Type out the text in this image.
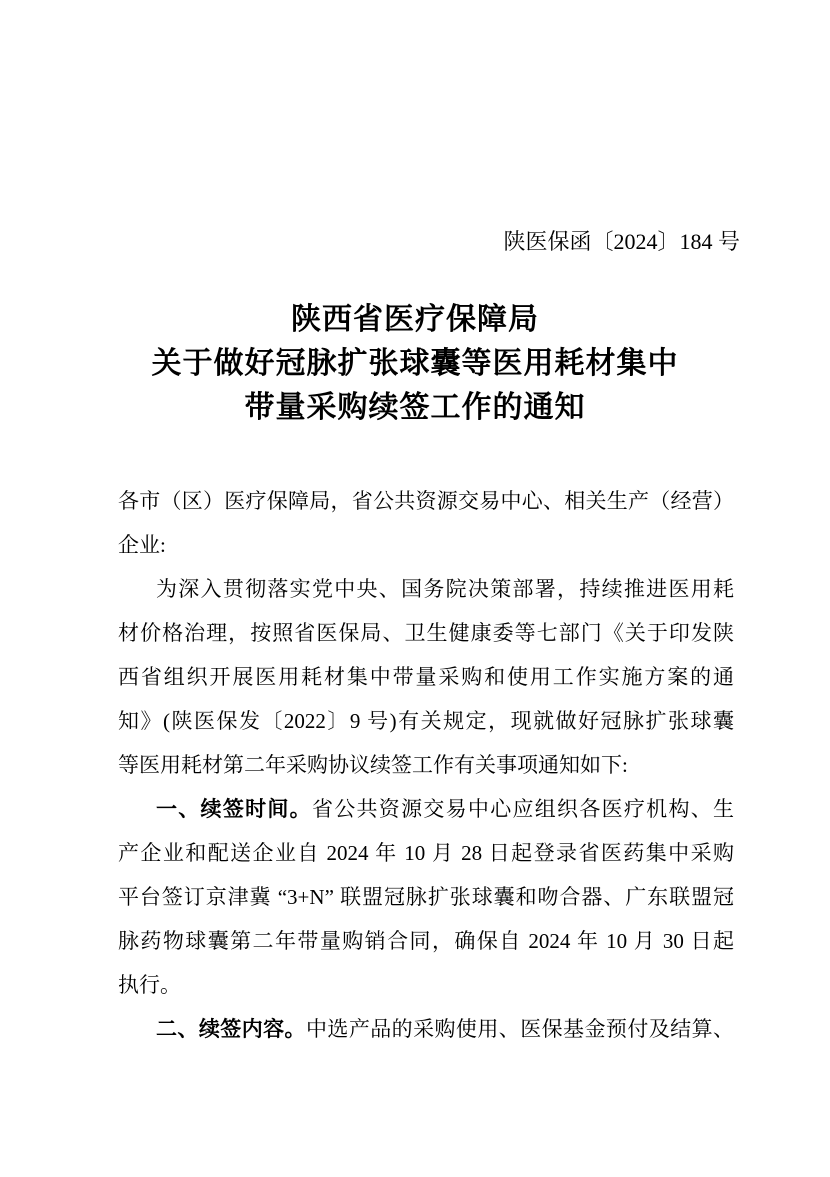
陕医保函〔2024〕184 号
陕西省医疗保障局
关于做好冠脉扩张球囊等医用耗材集中
带量采购续签工作的通知
各市（区）医疗保障局，省公共资源交易中心、相关生产（经营）
企业:
为深入贯彻落实党中央、国务院决策部署，持续推进医用耗
材价格治理，按照省医保局、卫生健康委等七部门《关于印发陕
西省组织开展医用耗材集中带量采购和使用工作实施方案的通
知》(陕医保发〔2022〕9 号)有关规定，现就做好冠脉扩张球囊
等医用耗材第二年采购协议续签工作有关事项通知如下:
一、续签时间。省公共资源交易中心应组织各医疗机构、生
产企业和配送企业自 2024 年 10 月 28 日起登录省医药集中采购
平台签订京津冀 “3+N” 联盟冠脉扩张球囊和吻合器、广东联盟冠
脉药物球囊第二年带量购销合同，确保自 2024 年 10 月 30 日起
执行。
二、续签内容。中选产品的采购使用、医保基金预付及结算、
